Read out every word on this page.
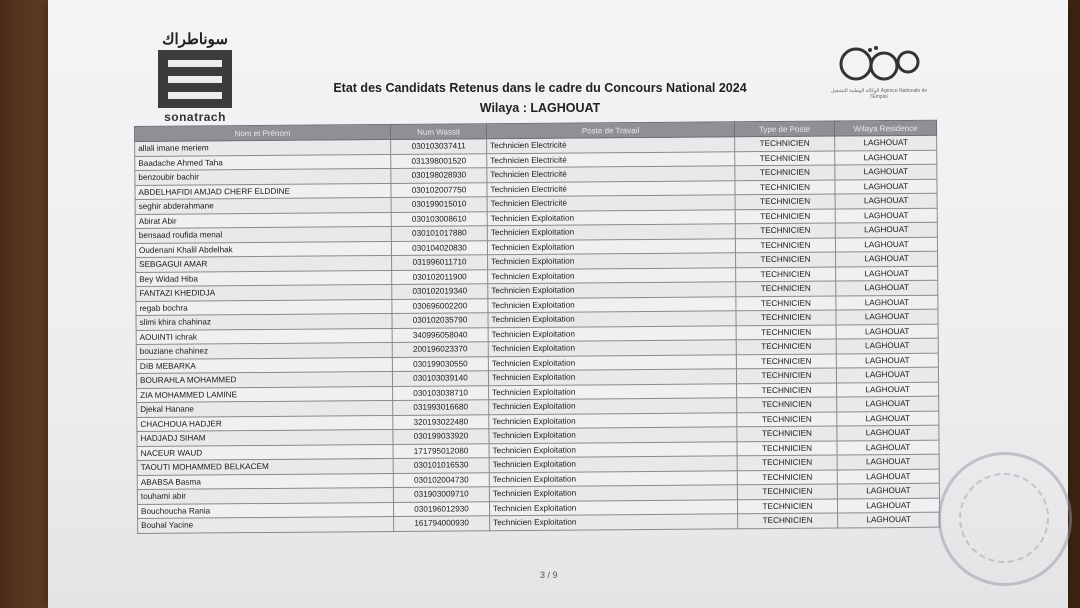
سوناطراك
sonatrach
الوكالة الوطنية للتشغيل Agence Nationale de l'Emploi
Etat des Candidats Retenus dans le cadre du Concours National 2024
Wilaya : LAGHOUAT
Nom et Prénom	Num Wassit	Poste de Travail	Type de Poste	Wilaya Residence
allali imane meriem	030103037411	Technicien Electricité	TECHNICIEN	LAGHOUAT
Baadache Ahmed Taha	031398001520	Technicien Electricité	TECHNICIEN	LAGHOUAT
benzoubir bachir	030198028930	Technicien Electricité	TECHNICIEN	LAGHOUAT
ABDELHAFIDI AMJAD CHERF ELDDINE	030102007750	Technicien Electricité	TECHNICIEN	LAGHOUAT
seghir abderahmane	030199015010	Technicien Electricité	TECHNICIEN	LAGHOUAT
Abirat Abir	030103008610	Technicien Exploitation	TECHNICIEN	LAGHOUAT
bensaad roufida menal	030101017880	Technicien Exploitation	TECHNICIEN	LAGHOUAT
Oudenani Khalil Abdelhak	030104020830	Technicien Exploitation	TECHNICIEN	LAGHOUAT
SEBGAGUI AMAR	031996011710	Technicien Exploitation	TECHNICIEN	LAGHOUAT
Bey Widad Hiba	030102011900	Technicien Exploitation	TECHNICIEN	LAGHOUAT
FANTAZI KHEDIDJA	030102019340	Technicien Exploitation	TECHNICIEN	LAGHOUAT
regab bochra	030696002200	Technicien Exploitation	TECHNICIEN	LAGHOUAT
slimi khira chahinaz	030102035790	Technicien Exploitation	TECHNICIEN	LAGHOUAT
AOUINTI ichrak	340996058040	Technicien Exploitation	TECHNICIEN	LAGHOUAT
bouziane chahinez	200196023370	Technicien Exploitation	TECHNICIEN	LAGHOUAT
DIB MEBARKA	030199030550	Technicien Exploitation	TECHNICIEN	LAGHOUAT
BOURAHLA MOHAMMED	030103039140	Technicien Exploitation	TECHNICIEN	LAGHOUAT
ZIA MOHAMMED LAMINE	030103038710	Technicien Exploitation	TECHNICIEN	LAGHOUAT
Djekal Hanane	031993016680	Technicien Exploitation	TECHNICIEN	LAGHOUAT
CHACHOUA HADJER	320193022480	Technicien Exploitation	TECHNICIEN	LAGHOUAT
HADJADJ SIHAM	030199033920	Technicien Exploitation	TECHNICIEN	LAGHOUAT
NACEUR WAUD	171795012080	Technicien Exploitation	TECHNICIEN	LAGHOUAT
TAOUTI MOHAMMED BELKACEM	030101016530	Technicien Exploitation	TECHNICIEN	LAGHOUAT
ABABSA Basma	030102004730	Technicien Exploitation	TECHNICIEN	LAGHOUAT
touhami abir	031903009710	Technicien Exploitation	TECHNICIEN	LAGHOUAT
Bouchoucha Rania	030196012930	Technicien Exploitation	TECHNICIEN	LAGHOUAT
Bouhal Yacine	161794000930	Technicien Exploitation	TECHNICIEN	LAGHOUAT
3 / 9
